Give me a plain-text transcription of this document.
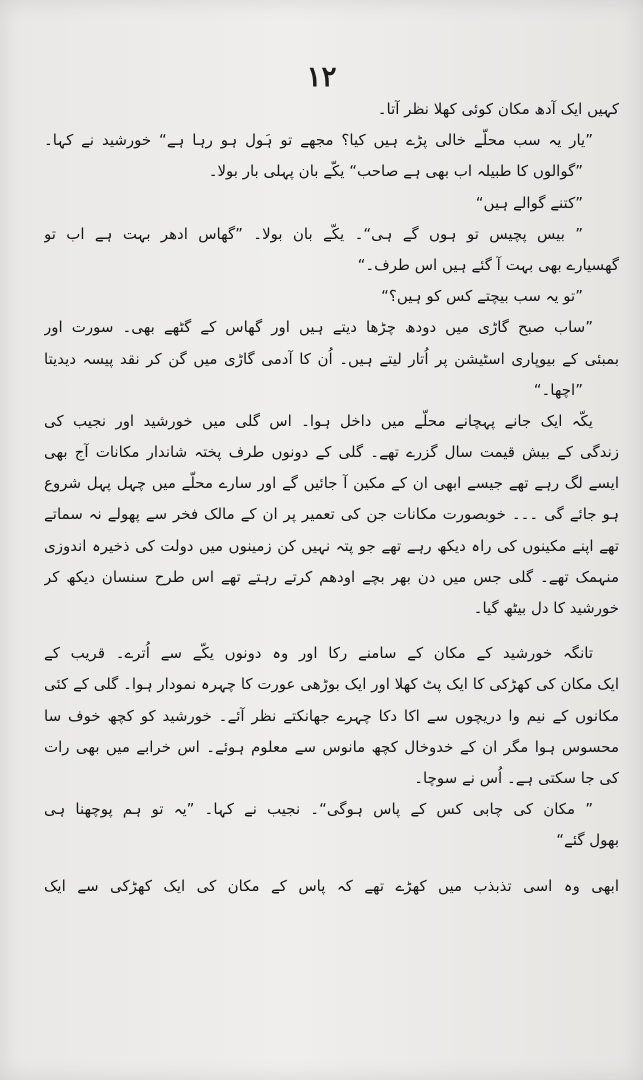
۱۲
کہیں ایک آدھ مکان کوئی کھلا نظر آتا۔
”یار یہ سب محلّے خالی پڑے ہیں کیا؟ مجھے تو ہَول ہو رہا ہے“ خورشید نے کہا۔
”گوالوں کا طبیلہ اب بھی ہے صاحب“ یکّے بان پہلی بار بولا۔
”کتنے گوالے ہیں“
” بیس پچیس تو ہوں گے ہی“۔ یکّے بان بولا۔ ”گھاس ادھر بہت ہے اب تو
گھسیارے بھی بہت آ گئے ہیں اس طرف۔“
”تو یہ سب بیچتے کس کو ہیں؟“
”ساب صبح گاڑی میں دودھ چڑھا دیتے ہیں اور گھاس کے گٹھے بھی۔ سورت اور
بمبئی کے بیوپاری اسٹیشن پر اُتار لیتے ہیں۔ اُن کا آدمی گاڑی میں گن کر نقد پیسہ دیدیتا
”اچھا۔“
یکّہ ایک جانے پہچانے محلّے میں داخل ہوا۔ اس گلی میں خورشید اور نجیب کی
زندگی کے بیش قیمت سال گزرے تھے۔ گلی کے دونوں طرف پختہ شاندار مکانات آج بھی
ایسے لگ رہے تھے جیسے ابھی ان کے مکین آ جائیں گے اور سارے محلّے میں چہل پہل شروع
ہو جائے گی ۔۔۔ خوبصورت مکانات جن کی تعمیر پر ان کے مالک فخر سے پھولے نہ سماتے
تھے اپنے مکینوں کی راہ دیکھ رہے تھے جو پتہ نہیں کن زمینوں میں دولت کی ذخیرہ اندوزی
منہمک تھے۔ گلی جس میں دن بھر بچے اودھم کرتے رہتے تھے اس طرح سنسان دیکھ کر
خورشید کا دل بیٹھ گیا۔
تانگہ خورشید کے مکان کے سامنے رکا اور وہ دونوں یکّے سے اُترے۔ قریب کے
ایک مکان کی کھڑکی کا ایک پٹ کھلا اور ایک بوڑھی عورت کا چہرہ نمودار ہوا۔ گلی کے کئی
مکانوں کے نیم وا دریچوں سے اکا دکا چہرے جھانکتے نظر آئے۔ خورشید کو کچھ خوف سا
محسوس ہوا مگر ان کے خدوخال کچھ مانوس سے معلوم ہوئے۔ اس خرابے میں بھی رات
کی جا سکتی ہے۔ اُس نے سوچا۔
” مکان کی چابی کس کے پاس ہوگی“۔ نجیب نے کہا۔ ”یہ تو ہم پوچھنا ہی
بھول گئے“
ابھی وہ اسی تذبذب میں کھڑے تھے کہ پاس کے مکان کی ایک کھڑکی سے ایک
